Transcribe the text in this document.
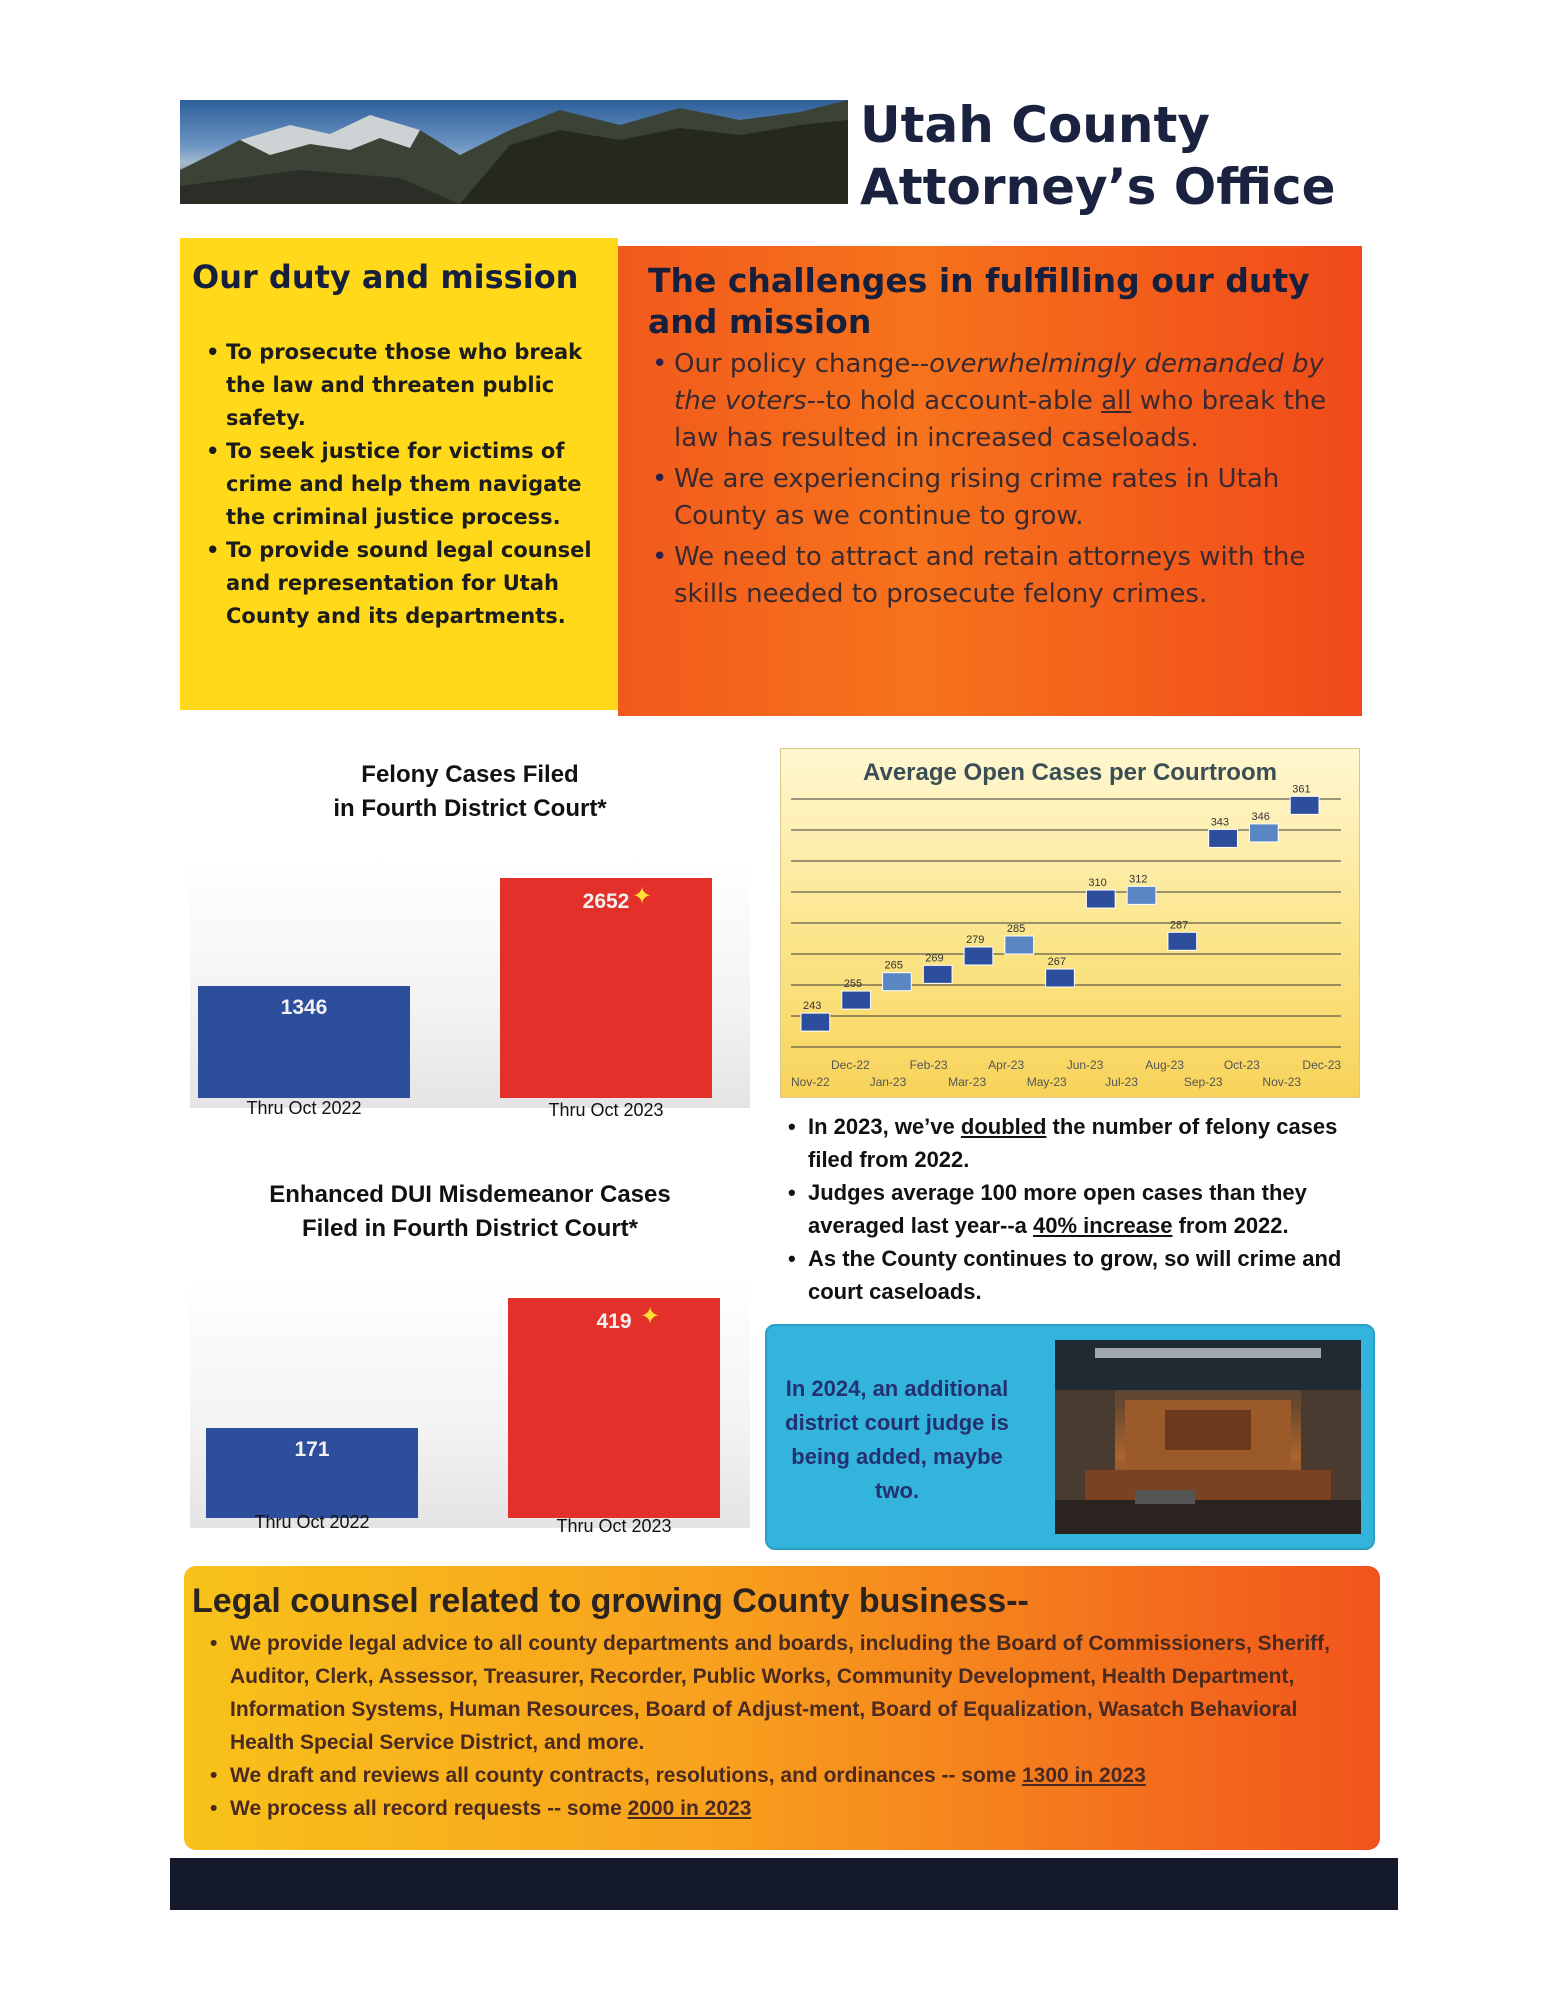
Utah County
Attorney’s Office
Our duty and mission
• To prosecute those who break the law and threaten public safety.
• To seek justice for victims of crime and help them navigate the criminal justice process.
• To provide sound legal counsel and representation for Utah County and its departments.
The challenges in fulfilling our duty and mission
• Our policy change--overwhelmingly demanded by the voters--to hold account-able all who break the law has resulted in increased caseloads.
• We are experiencing rising crime rates in Utah County as we continue to grow.
• We need to attract and retain attorneys with the skills needed to prosecute felony crimes.
Felony Cases Filed
in Fourth District Court*
1346
2652 ✦
Thru Oct 2022	Thru Oct 2023
Enhanced DUI Misdemeanor Cases
Filed in Fourth District Court*
171
419 ✦
Thru Oct 2022	Thru Oct 2023
Average Open Cases per Courtroom
243
255
265
269
279
285
267
310 312
287
343 346
361
Dec-22	Feb-23	Apr-23	Jun-23	Aug-23	Oct-23	Dec-23
Nov-22	Jan-23	Mar-23	May-23	Jul-23	Sep-23	Nov-23
• In 2023, we’ve doubled the number of felony cases filed from 2022.
• Judges average 100 more open cases than they averaged last year--a 40% increase from 2022.
• As the County continues to grow, so will crime and court caseloads.
In 2024, an additional district court judge is being added, maybe two.
Legal counsel related to growing County business--
• We provide legal advice to all county departments and boards, including the Board of Commissioners, Sheriff, Auditor, Clerk, Assessor, Treasurer, Recorder, Public Works, Community Development, Health Department, Information Systems, Human Resources, Board of Adjust-ment, Board of Equalization, Wasatch Behavioral Health Special Service District, and more.
• We draft and reviews all county contracts, resolutions, and ordinances -- some 1300 in 2023
• We process all record requests -- some 2000 in 2023
